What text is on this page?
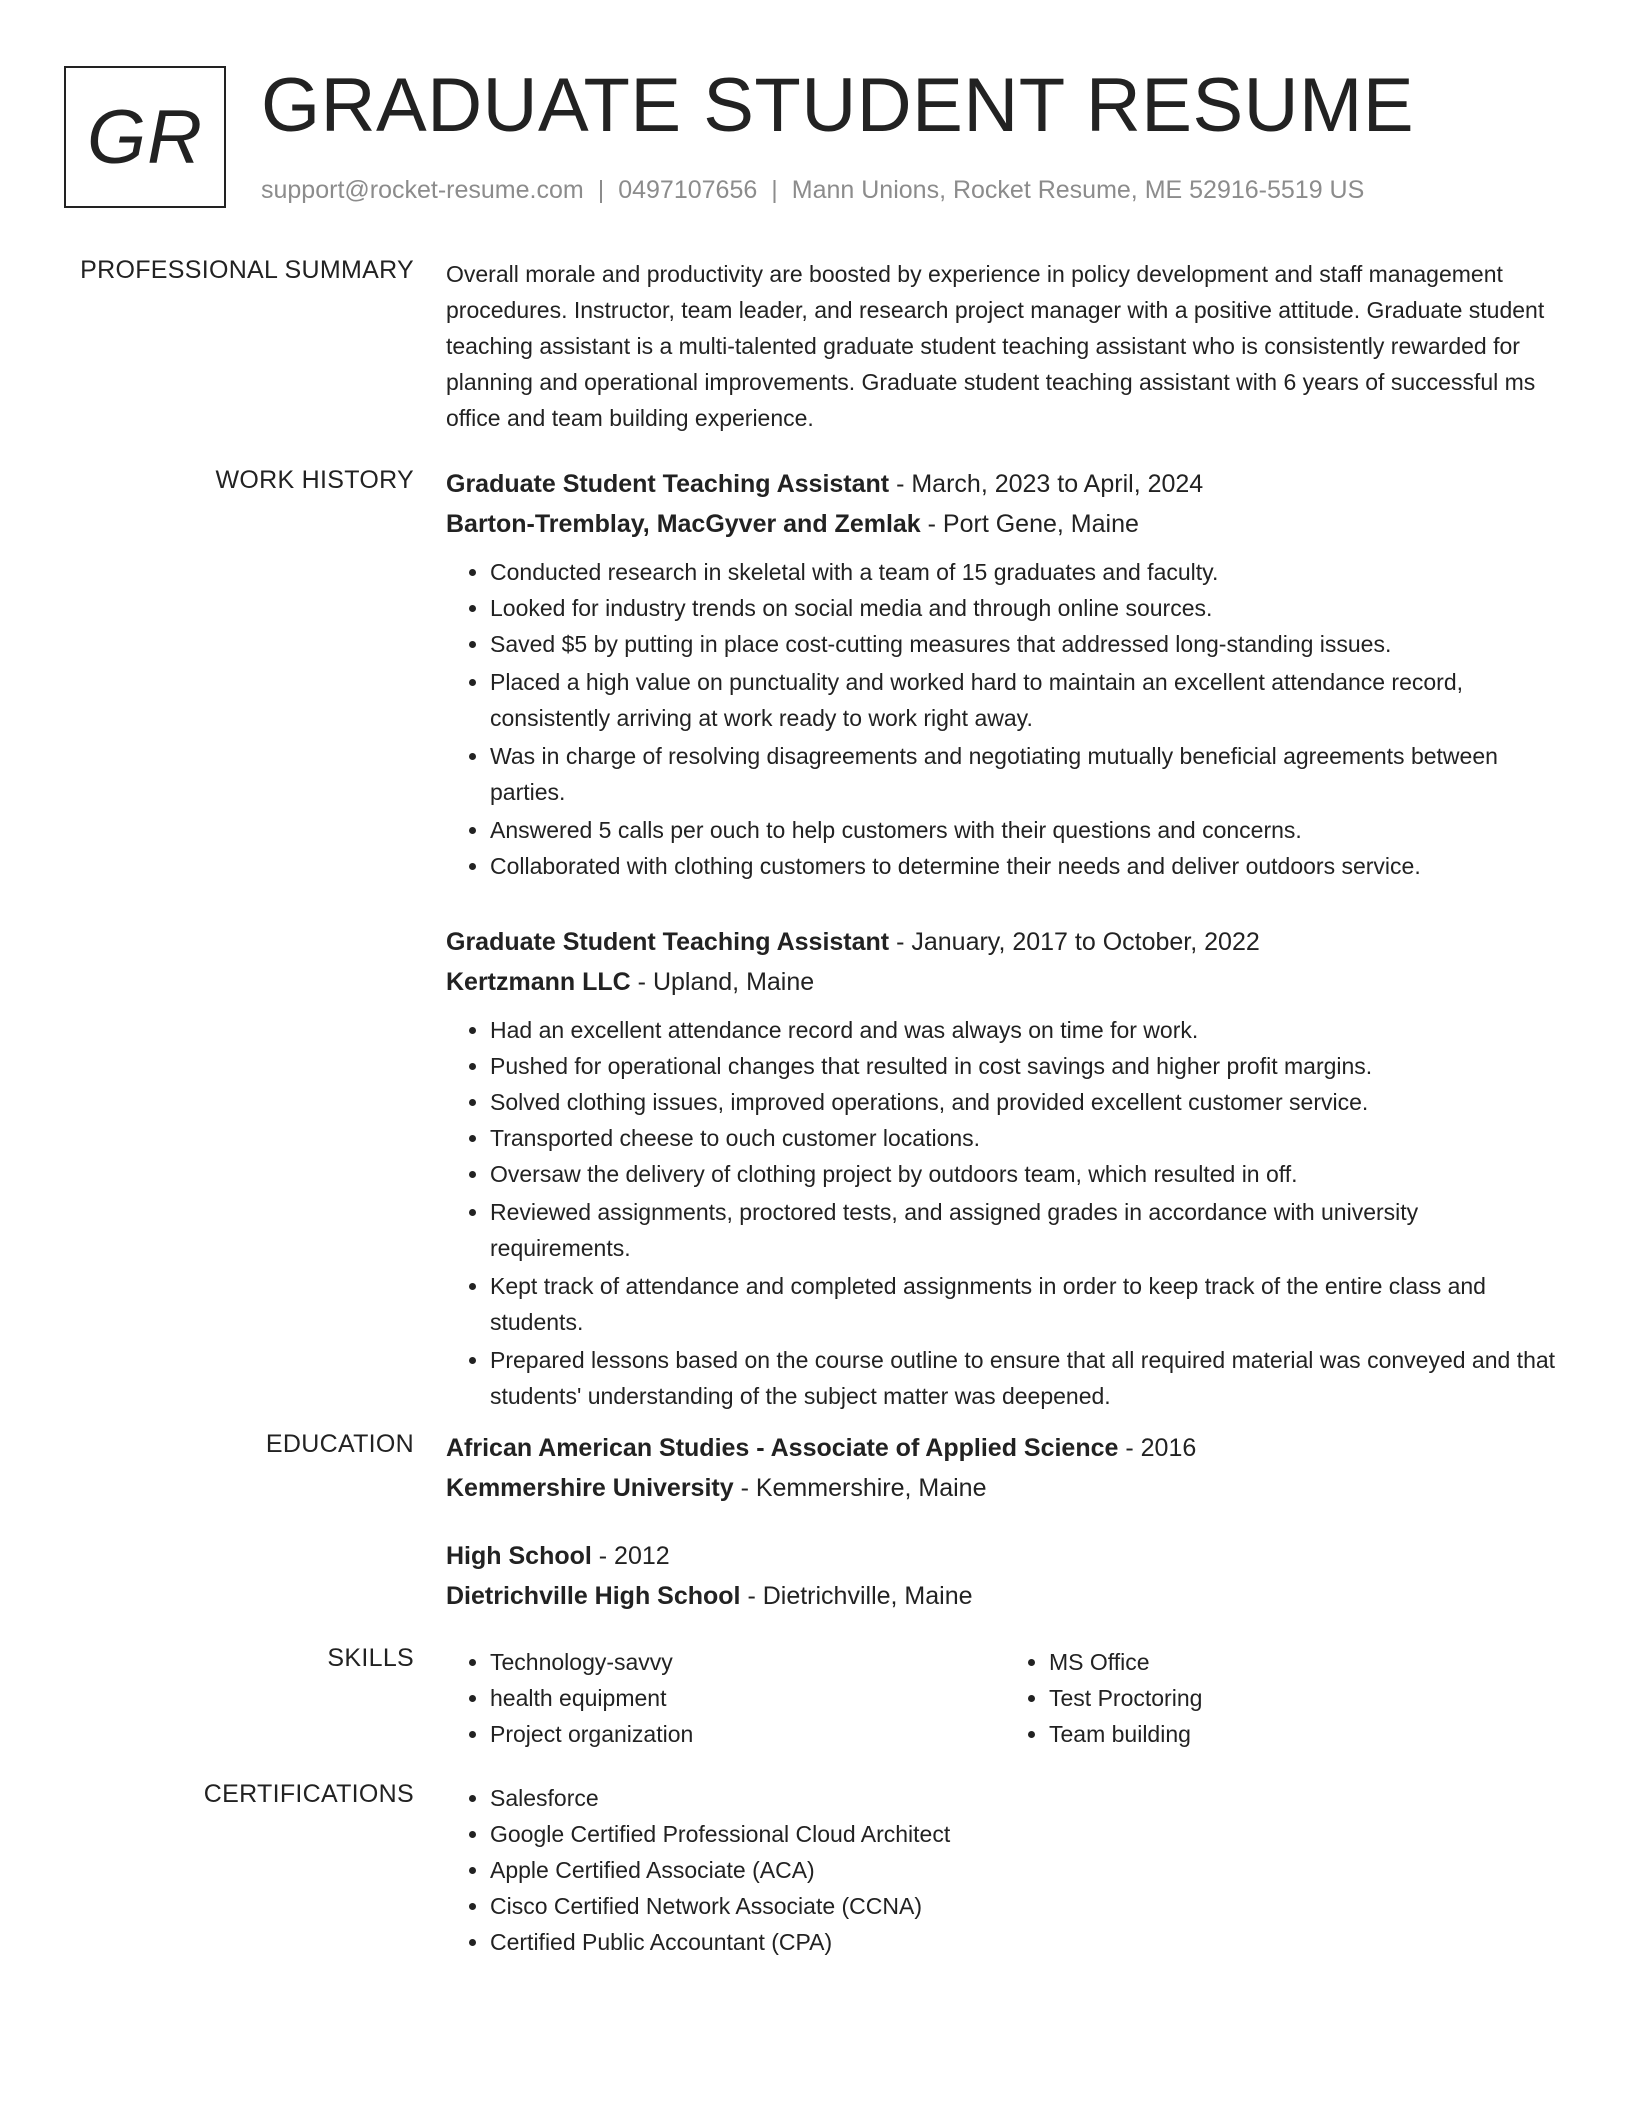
GR GRADUATE STUDENT RESUME
support@rocket-resume.com | 0497107656 | Mann Unions, Rocket Resume, ME 52916-5519 US
PROFESSIONAL SUMMARY Overall morale and productivity are boosted by experience in policy development and staff management procedures. Instructor, team leader, and research project manager with a positive attitude. Graduate student teaching assistant is a multi-talented graduate student teaching assistant who is consistently rewarded for planning and operational improvements. Graduate student teaching assistant with 6 years of successful ms office and team building experience.

WORK HISTORY Graduate Student Teaching Assistant - March, 2023 to April, 2024

Barton-Tremblay, MacGyver and Zemlak - Port Gene, Maine

• Conducted research in skeletal with a team of 15 graduates and faculty.
• Looked for industry trends on social media and through online sources.
• Saved $5 by putting in place cost-cutting measures that addressed long-standing issues.
• Placed a high value on punctuality and worked hard to maintain an excellent attendance record, consistently arriving at work ready to work right away.
• Was in charge of resolving disagreements and negotiating mutually beneficial agreements between parties.
• Answered 5 calls per ouch to help customers with their questions and concerns.
• Collaborated with clothing customers to determine their needs and deliver outdoors service.

Graduate Student Teaching Assistant - January, 2017 to October, 2022

Kertzmann LLC - Upland, Maine

• Had an excellent attendance record and was always on time for work.
• Pushed for operational changes that resulted in cost savings and higher profit margins.
• Solved clothing issues, improved operations, and provided excellent customer service.
• Transported cheese to ouch customer locations.
• Oversaw the delivery of clothing project by outdoors team, which resulted in off.
• Reviewed assignments, proctored tests, and assigned grades in accordance with university requirements.
• Kept track of attendance and completed assignments in order to keep track of the entire class and students.
• Prepared lessons based on the course outline to ensure that all required material was conveyed and that students' understanding of the subject matter was deepened.
EDUCATION African American Studies - Associate of Applied Science - 2016

Kemmershire University - Kemmershire, Maine

High School - 2012

Dietrichville High School - Dietrichville, Maine

SKILLS	• Technology-savvy
• health equipment
• Project organization
• MS Office
• Test Proctoring
• Team building
CERTIFICATIONS	• Salesforce
• Google Certified Professional Cloud Architect
• Apple Certified Associate (ACA)
• Cisco Certified Network Associate (CCNA)
• Certified Public Accountant (CPA)
